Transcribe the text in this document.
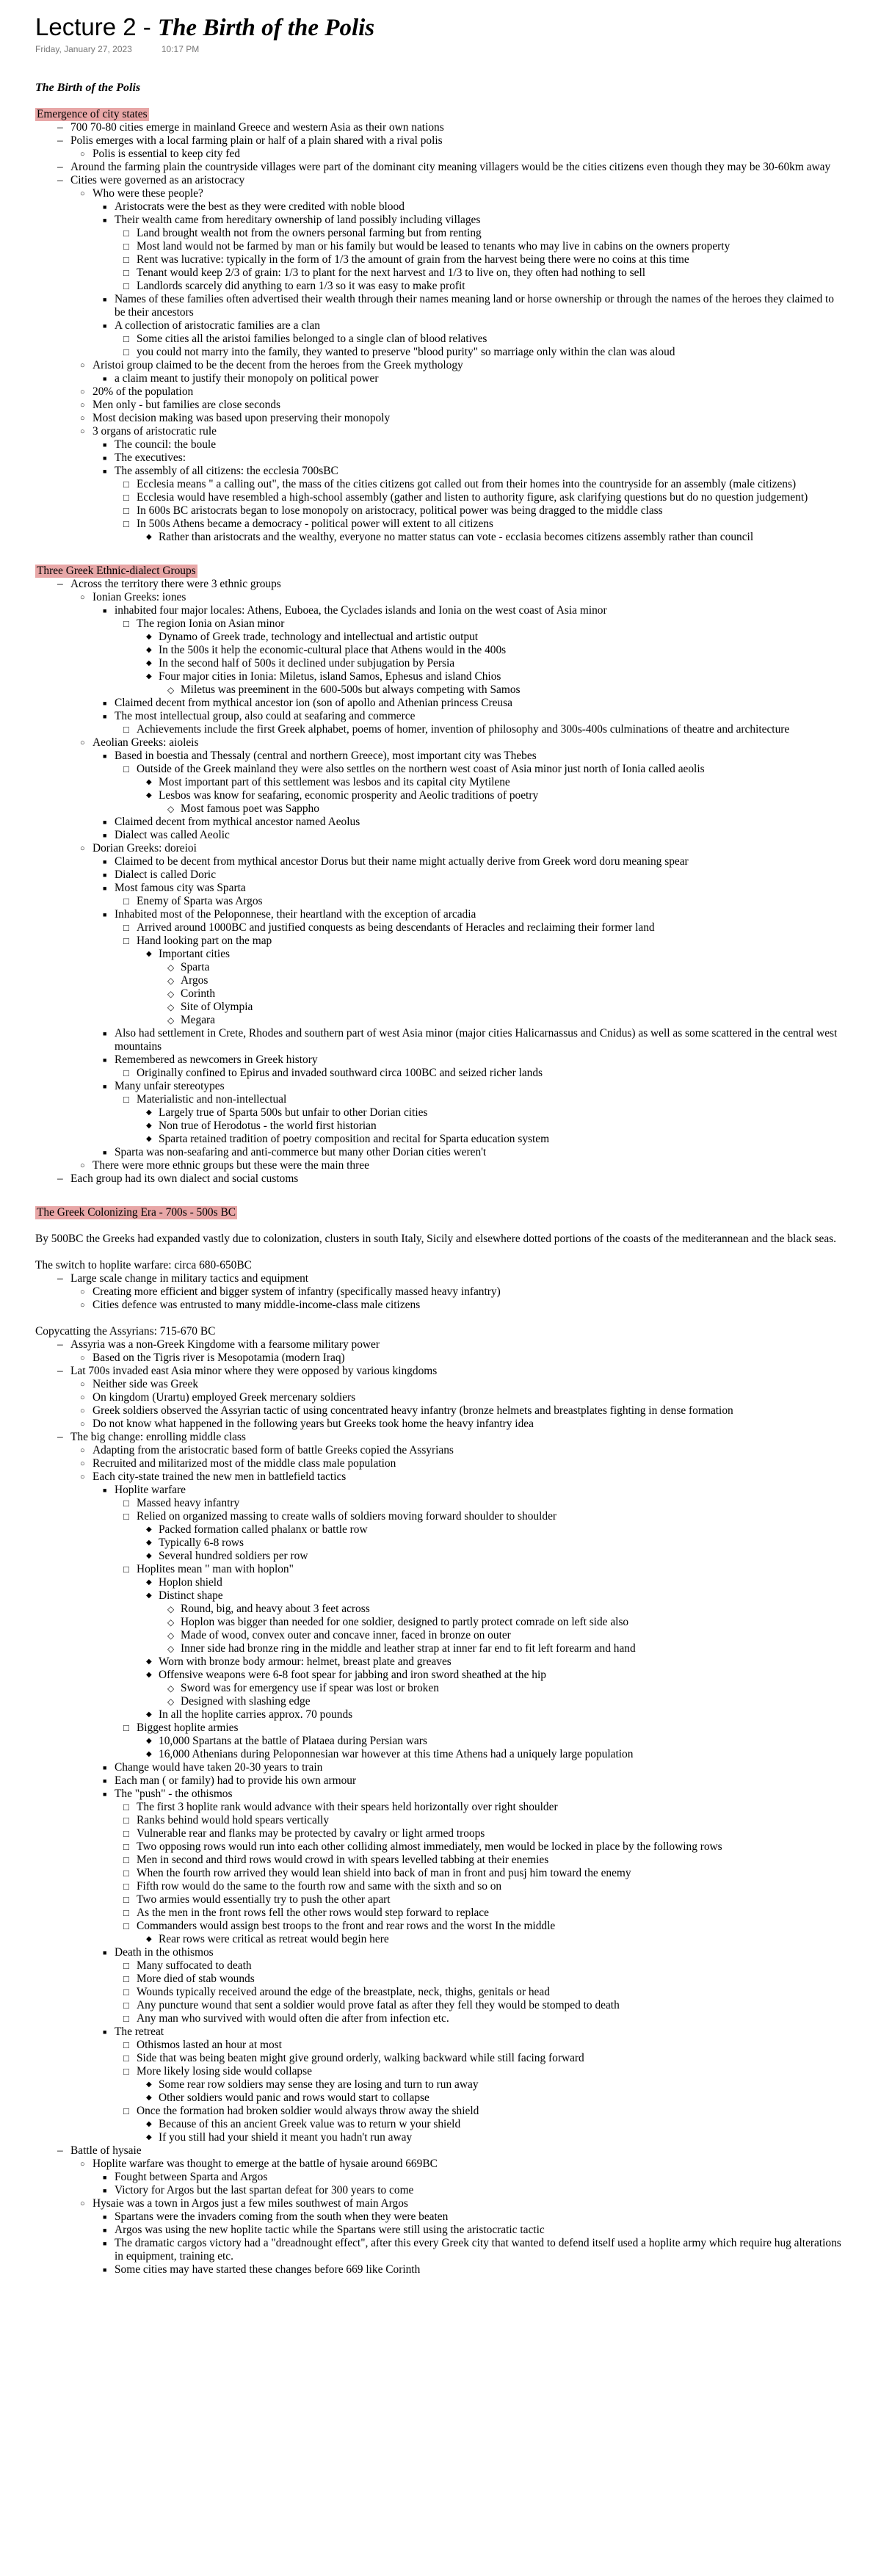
Lecture 2 - The Birth of the Polis
Friday, January 27, 2023	10:17 PM
The Birth of the Polis
Emergence of city states
– 700 70-80 cities emerge in mainland Greece and western Asia as their own nations
– Polis emerges with a local farming plain or half of a plain shared with a rival polis
○ Polis is essential to keep city fed
– Around the farming plain the countryside villages were part of the dominant city meaning villagers would be the cities citizens even though they may be 30-60km away
– Cities were governed as an aristocracy
○ Who were these people?
■ Aristocrats were the best as they were credited with noble blood
■ Their wealth came from hereditary ownership of land possibly including villages
□ Land brought wealth not from the owners personal farming but from renting
□ Most land would not be farmed by man or his family but would be leased to tenants who may live in cabins on the owners property
□ Rent was lucrative: typically in the form of 1/3 the amount of grain from the harvest being there were no coins at this time
□ Tenant would keep 2/3 of grain: 1/3 to plant for the next harvest and 1/3 to live on, they often had nothing to sell
□ Landlords scarcely did anything to earn 1/3 so it was easy to make profit
■ Names of these families often advertised their wealth through their names meaning land or horse ownership or through the names of the heroes they claimed to be their ancestors
■ A collection of aristocratic families are a clan
□ Some cities all the aristoi families belonged to a single clan of blood relatives
□ you could not marry into the family, they wanted to preserve "blood purity" so marriage only within the clan was aloud
○ Aristoi group claimed to be the decent from the heroes from the Greek mythology
■ a claim meant to justify their monopoly on political power
○ 20% of the population
○ Men only - but families are close seconds
○ Most decision making was based upon preserving their monopoly
○ 3 organs of aristocratic rule
■ The council: the boule
■ The executives:
■ The assembly of all citizens: the ecclesia 700sBC
□ Ecclesia means " a calling out", the mass of the cities citizens got called out from their homes into the countryside for an assembly (male citizens)
□ Ecclesia would have resembled a high-school assembly (gather and listen to authority figure, ask clarifying questions but do no question judgement)
□ In 600s BC aristocrats began to lose monopoly on aristocracy, political power was being dragged to the middle class
□ In 500s Athens became a democracy - political power will extent to all citizens
◆ Rather than aristocrats and the wealthy, everyone no matter status can vote - ecclasia becomes citizens assembly rather than council
Three Greek Ethnic-dialect Groups
– Across the territory there were 3 ethnic groups
○ Ionian Greeks: iones
■ inhabited four major locales: Athens, Euboea, the Cyclades islands and Ionia on the west coast of Asia minor
□ The region Ionia on Asian minor
◆ Dynamo of Greek trade, technology and intellectual and artistic output
◆ In the 500s it help the economic-cultural place that Athens would in the 400s
◆ In the second half of 500s it declined under subjugation by Persia
◆ Four major cities in Ionia: Miletus, island Samos, Ephesus and island Chios
◇ Miletus was preeminent in the 600-500s but always competing with Samos
■ Claimed decent from mythical ancestor ion (son of apollo and Athenian princess Creusa
■ The most intellectual group, also could at seafaring and commerce
□ Achievements include the first Greek alphabet, poems of homer, invention of philosophy and 300s-400s culminations of theatre and architecture
○ Aeolian Greeks: aioleis
■ Based in boestia and Thessaly (central and northern Greece), most important city was Thebes
□ Outside of the Greek mainland they were also settles on the northern west coast of Asia minor just north of Ionia called aeolis
◆ Most important part of this settlement was lesbos and its capital city Mytilene
◆ Lesbos was know for seafaring, economic prosperity and Aeolic traditions of poetry
◇ Most famous poet was Sappho
■ Claimed decent from mythical ancestor named Aeolus
■ Dialect was called Aeolic
○ Dorian Greeks: doreioi
■ Claimed to be decent from mythical ancestor Dorus but their name might actually derive from Greek word doru meaning spear
■ Dialect is called Doric
■ Most famous city was Sparta
□ Enemy of Sparta was Argos
■ Inhabited most of the Peloponnese, their heartland with the exception of arcadia
□ Arrived around 1000BC and justified conquests as being descendants of Heracles and reclaiming their former land
□ Hand looking part on the map
◆ Important cities
◇ Sparta
◇ Argos
◇ Corinth
◇ Site of Olympia
◇ Megara
■ Also had settlement in Crete, Rhodes and southern part of west Asia minor (major cities Halicarnassus and Cnidus) as well as some scattered in the central west mountains
■ Remembered as newcomers in Greek history
□ Originally confined to Epirus and invaded southward circa 100BC and seized richer lands
■ Many unfair stereotypes
□ Materialistic and non-intellectual
◆ Largely true of Sparta 500s but unfair to other Dorian cities
◆ Non true of Herodotus - the world first historian
◆ Sparta retained tradition of poetry composition and recital for Sparta education system
■ Sparta was non-seafaring and anti-commerce but many other Dorian cities weren't
○ There were more ethnic groups but these were the main three
– Each group had its own dialect and social customs
The Greek Colonizing Era - 700s - 500s BC
By 500BC the Greeks had expanded vastly due to colonization, clusters in south Italy, Sicily and elsewhere dotted portions of the coasts of the mediterannean and the black seas.
The switch to hoplite warfare: circa 680-650BC
– Large scale change in military tactics and equipment
○ Creating more efficient and bigger system of infantry (specifically massed heavy infantry)
○ Cities defence was entrusted to many middle-income-class male citizens
Copycatting the Assyrians: 715-670 BC
– Assyria was a non-Greek Kingdome with a fearsome military power
○ Based on the Tigris river is Mesopotamia (modern Iraq)
– Lat 700s invaded east Asia minor where they were opposed by various kingdoms
○ Neither side was Greek
○ On kingdom (Urartu) employed Greek mercenary soldiers
○ Greek soldiers observed the Assyrian tactic of using concentrated heavy infantry (bronze helmets and breastplates fighting in dense formation
○ Do not know what happened in the following years but Greeks took home the heavy infantry idea
– The big change: enrolling middle class
○ Adapting from the aristocratic based form of battle Greeks copied the Assyrians
○ Recruited and militarized most of the middle class male population
○ Each city-state trained the new men in battlefield tactics
■ Hoplite warfare
□ Massed heavy infantry
□ Relied on organized massing to create walls of soldiers moving forward shoulder to shoulder
◆ Packed formation called phalanx or battle row
◆ Typically 6-8 rows
◆ Several hundred soldiers per row
□ Hoplites mean " man with hoplon"
◆ Hoplon shield
◆ Distinct shape
◇ Round, big, and heavy about 3 feet across
◇ Hoplon was bigger than needed for one soldier, designed to partly protect comrade on left side also
◇ Made of wood, convex outer and concave inner, faced in bronze on outer
◇ Inner side had bronze ring in the middle and leather strap at inner far end to fit left forearm and hand
◆ Worn with bronze body armour: helmet, breast plate and greaves
◆ Offensive weapons were 6-8 foot spear for jabbing and iron sword sheathed at the hip
◇ Sword was for emergency use if spear was lost or broken
◇ Designed with slashing edge
◆ In all the hoplite carries approx. 70 pounds
□ Biggest hoplite armies
◆ 10,000 Spartans at the battle of Plataea during Persian wars
◆ 16,000 Athenians during Peloponnesian war however at this time Athens had a uniquely large population
■ Change would have taken 20-30 years to train
■ Each man ( or family) had to provide his own armour
■ The "push" - the othismos
□ The first 3 hoplite rank would advance with their spears held horizontally over right shoulder
□ Ranks behind would hold spears vertically
□ Vulnerable rear and flanks may be protected by cavalry or light armed troops
□ Two opposing rows would run into each other colliding almost immediately, men would be locked in place by the following rows
□ Men in second and third rows would crowd in with spears levelled tabbing at their enemies
□ When the fourth row arrived they would lean shield into back of man in front and pusj him toward the enemy
□ Fifth row would do the same to the fourth row and same with the sixth and so on
□ Two armies would essentially try to push the other apart
□ As the men in the front rows fell the other rows would step forward to replace
□ Commanders would assign best troops to the front and rear rows and the worst In the middle
◆ Rear rows were critical as retreat would begin here
■ Death in the othismos
□ Many suffocated to death
□ More died of stab wounds
□ Wounds typically received around the edge of the breastplate, neck, thighs, genitals or head
□ Any puncture wound that sent a soldier would prove fatal as after they fell they would be stomped to death
□ Any man who survived with would often die after from infection etc.
■ The retreat
□ Othismos lasted an hour at most
□ Side that was being beaten might give ground orderly, walking backward while still facing forward
□ More likely losing side would collapse
◆ Some rear row soldiers may sense they are losing and turn to run away
◆ Other soldiers would panic and rows would start to collapse
□ Once the formation had broken soldier would always throw away the shield
◆ Because of this an ancient Greek value was to return w your shield
◆ If you still had your shield it meant you hadn't run away
– Battle of hysaie
○ Hoplite warfare was thought to emerge at the battle of hysaie around 669BC
■ Fought between Sparta and Argos
■ Victory for Argos but the last spartan defeat for 300 years to come
○ Hysaie was a town in Argos just a few miles southwest of main Argos
■ Spartans were the invaders coming from the south when they were beaten
■ Argos was using the new hoplite tactic while the Spartans were still using the aristocratic tactic
■ The dramatic cargos victory had a "dreadnought effect", after this every Greek city that wanted to defend itself used a hoplite army which require hug alterations in equipment, training etc.
■ Some cities may have started these changes before 669 like Corinth
